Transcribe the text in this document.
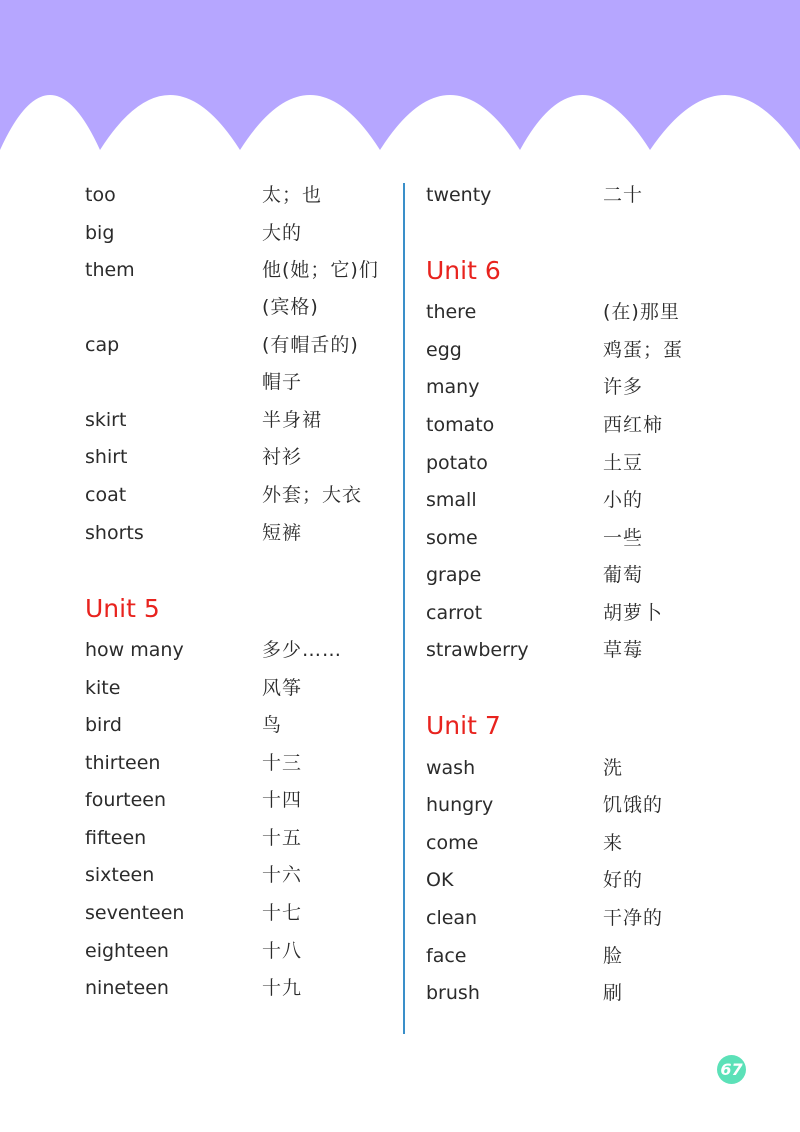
too	太；也
big	大的
them	他(她；它)们
(宾格)
cap	(有帽舌的)
帽子
skirt	半身裙
shirt	衬衫
coat	外套；大衣
shorts	短裤
Unit 5
how many	多少……
kite	风筝
bird	鸟
thirteen	十三
fourteen	十四
fifteen	十五
sixteen	十六
seventeen	十七
eighteen	十八
nineteen	十九
twenty	二十
Unit 6
there	(在)那里
egg	鸡蛋；蛋
many	许多
tomato	西红柿
potato	土豆
small	小的
some	一些
grape	葡萄
carrot	胡萝卜
strawberry	草莓
Unit 7
wash	洗
hungry	饥饿的
come	来
OK	好的
clean	干净的
face	脸
brush	刷
67
